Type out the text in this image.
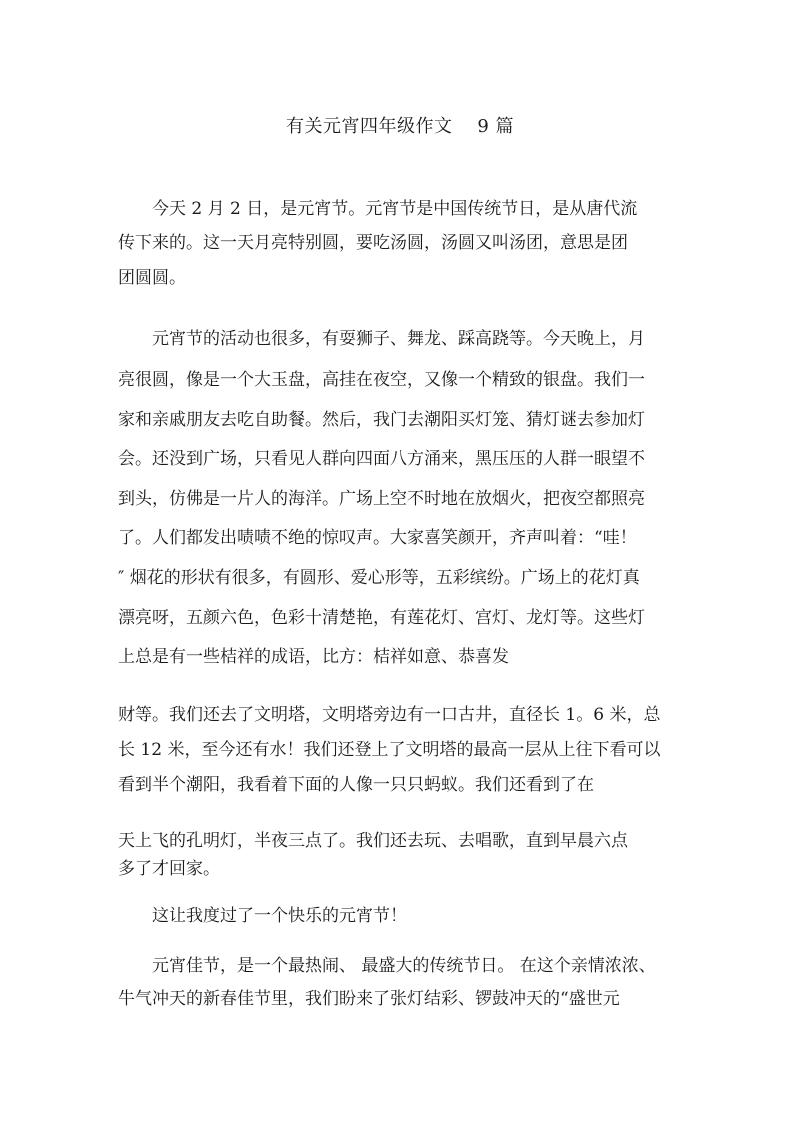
有关元宵四年级作文    9 篇
今天 2 月 2 日，是元宵节。元宵节是中国传统节日，是从唐代流
传下来的。这一天月亮特别圆，要吃汤圆，汤圆又叫汤团，意思是团
团圆圆。
元宵节的活动也很多，有耍狮子、舞龙、踩高跷等。今天晚上，月
亮很圆，像是一个大玉盘，高挂在夜空，又像一个精致的银盘。我们一
家和亲戚朋友去吃自助餐。然后，我门去潮阳买灯笼、猜灯谜去参加灯
会。还没到广场，只看见人群向四面八方涌来，黑压压的人群一眼望不
到头，仿佛是一片人的海洋。广场上空不时地在放烟火，把夜空都照亮
了。人们都发出啧啧不绝的惊叹声。大家喜笑颜开，齐声叫着：“哇！
″ 烟花的形状有很多，有圆形、爱心形等，五彩缤纷。广场上的花灯真
漂亮呀，五颜六色，色彩十清楚艳，有莲花灯、宫灯、龙灯等。这些灯
上总是有一些桔祥的成语，比方：桔祥如意、恭喜发
财等。我们还去了文明塔，文明塔旁边有一口古井，直径长 1。6 米，总
长 12 米，至今还有水！我们还登上了文明塔的最高一层从上往下看可以
看到半个潮阳，我看着下面的人像一只只蚂蚁。我们还看到了在
天上飞的孔明灯，半夜三点了。我们还去玩、去唱歌，直到早晨六点
多了才回家。
这让我度过了一个快乐的元宵节！
元宵佳节，是一个最热闹、 最盛大的传统节日。 在这个亲情浓浓、
牛气冲天的新春佳节里，我们盼来了张灯结彩、锣鼓冲天的“盛世元
